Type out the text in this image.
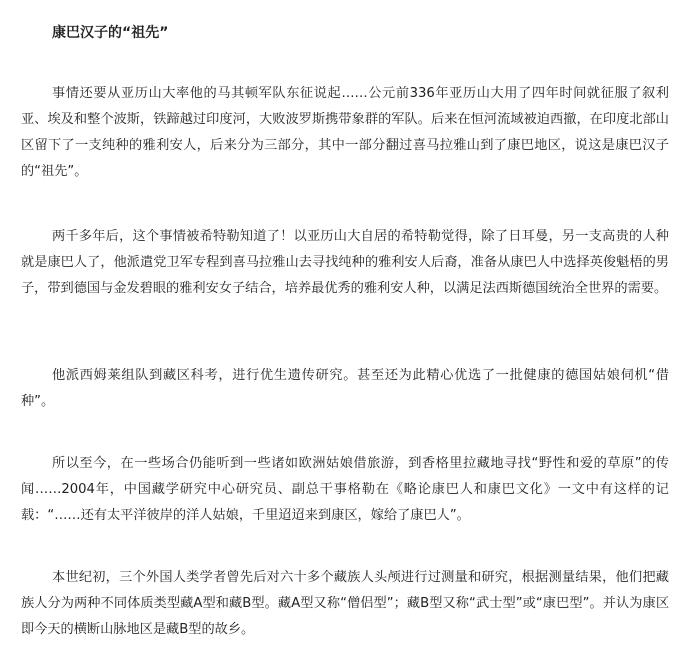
康巴汉子的“祖先”

事情还要从亚历山大率他的马其顿军队东征说起……公元前336年亚历山大用了四年时间就征服了叙利亚、埃及和整个波斯，铁蹄越过印度河，大败波罗斯携带象群的军队。后来在恒河流域被迫西撤，在印度北部山区留下了一支纯种的雅利安人，后来分为三部分，其中一部分翻过喜马拉雅山到了康巴地区，说这是康巴汉子的“祖先”。

两千多年后，这个事情被希特勒知道了！以亚历山大自居的希特勒觉得，除了日耳曼，另一支高贵的人种就是康巴人了，他派遣党卫军专程到喜马拉雅山去寻找纯种的雅利安人后裔，准备从康巴人中选择英俊魁梧的男子，带到德国与金发碧眼的雅利安女子结合，培养最优秀的雅利安人种，以满足法西斯德国统治全世界的需要。

他派西姆莱组队到藏区科考，进行优生遗传研究。甚至还为此精心优选了一批健康的德国姑娘伺机“借种”。

所以至今，在一些场合仍能听到一些诸如欧洲姑娘借旅游，到香格里拉藏地寻找“野性和爱的草原”的传闻……2004年，中国藏学研究中心研究员、副总干事格勒在《略论康巴人和康巴文化》一文中有这样的记载：“……还有太平洋彼岸的洋人姑娘，千里迢迢来到康区，嫁给了康巴人”。

本世纪初，三个外国人类学者曾先后对六十多个藏族人头颅进行过测量和研究，根据测量结果，他们把藏族人分为两种不同体质类型藏A型和藏B型。藏A型又称“僧侣型”；藏B型又称“武士型”或“康巴型”。并认为康区即今天的横断山脉地区是藏B型的故乡。
